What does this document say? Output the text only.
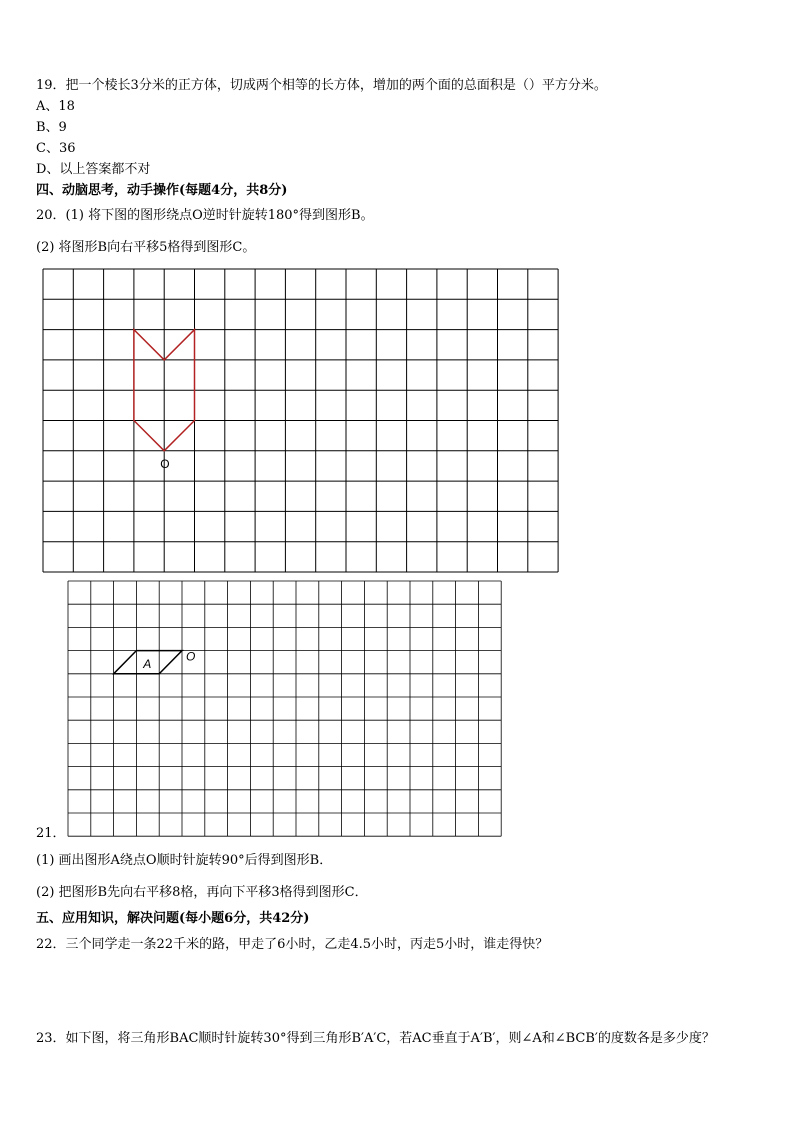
19．把一个棱长3分米的正方体，切成两个相等的长方体，增加的两个面的总面积是（）平方分米。
A、18
B、9
C、36
D、以上答案都不对
四、动脑思考，动手操作(每题4分，共8分)
20．(1) 将下图的图形绕点O逆时针旋转180°得到图形B。
(2) 将图形B向右平移5格得到图形C。
O
A
O
21．
(1) 画出图形A绕点O顺时针旋转90°后得到图形B．
(2) 把图形B先向右平移8格，再向下平移3格得到图形C．
五、应用知识，解决问题(每小题6分，共42分)
22．三个同学走一条22千米的路，甲走了6小时，乙走4.5小时，丙走5小时，谁走得快？
23．如下图，将三角形BAC顺时针旋转30°得到三角形B′A′C，若AC垂直于A′B′，则∠A和∠BCB′的度数各是多少度？
